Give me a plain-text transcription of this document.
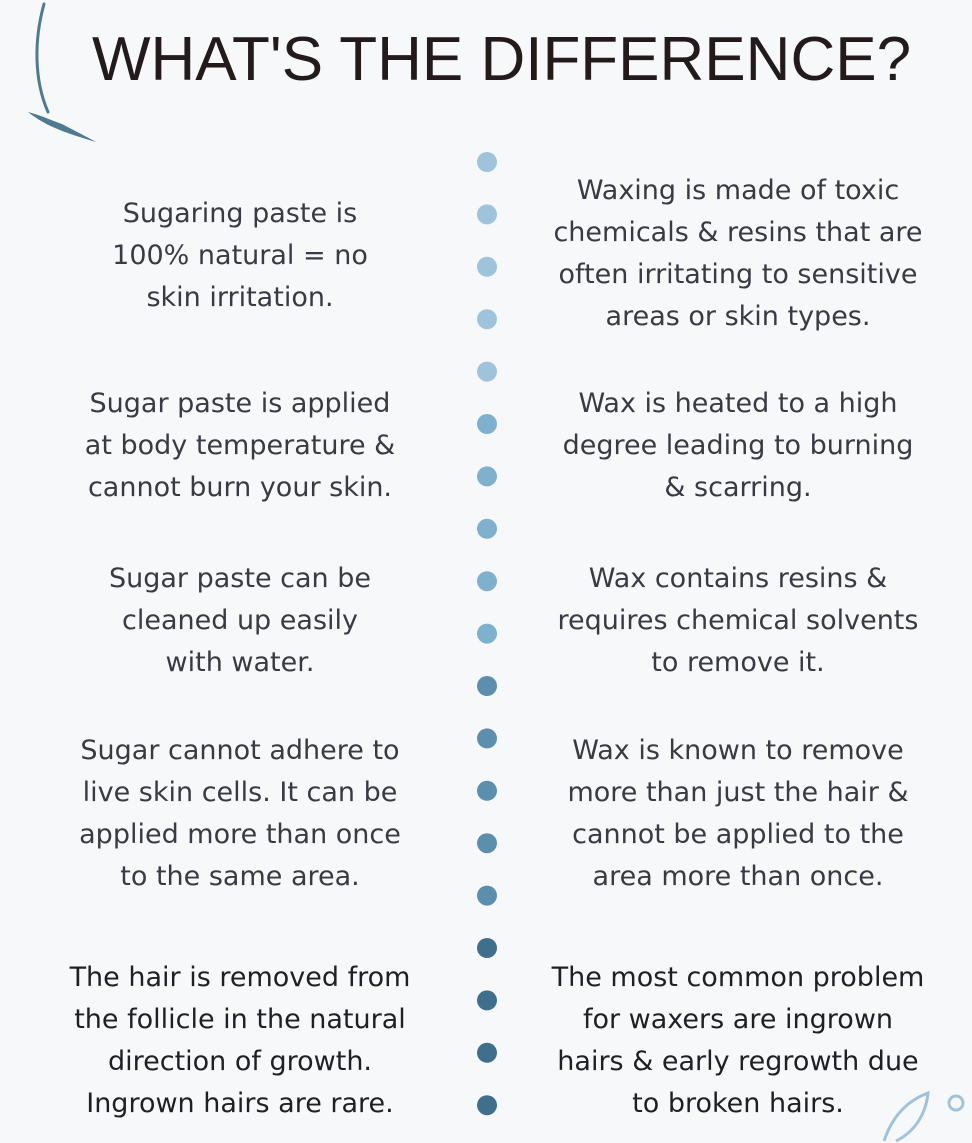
WHAT'S THE DIFFERENCE?
Sugaring paste is
100% natural = no
skin irritation.
Waxing is made of toxic
chemicals & resins that are
often irritating to sensitive
areas or skin types.
Sugar paste is applied
at body temperature &
cannot burn your skin.
Wax is heated to a high
degree leading to burning
& scarring.
Sugar paste can be
cleaned up easily
with water.
Wax contains resins &
requires chemical solvents
to remove it.
Sugar cannot adhere to
live skin cells. It can be
applied more than once
to the same area.
Wax is known to remove
more than just the hair &
cannot be applied to the
area more than once.
The hair is removed from
the follicle in the natural
direction of growth.
Ingrown hairs are rare.
The most common problem
for waxers are ingrown
hairs & early regrowth due
to broken hairs.
